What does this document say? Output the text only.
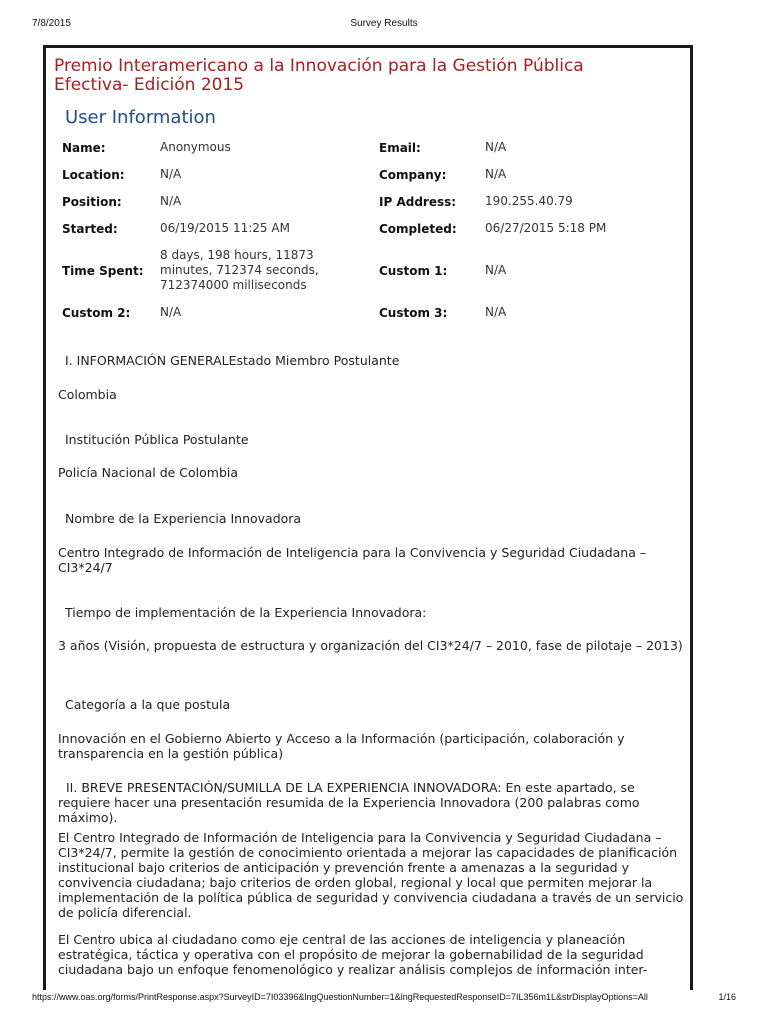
7/8/2015	Survey Results
Premio Interamericano a la Innovación para la Gestión Pública Efectiva- Edición 2015
User Information
Name:	Anonymous	Email:	N/A
Location:	N/A	Company:	N/A
Position:	N/A	IP Address:	190.255.40.79
Started:	06/19/2015 11:25 AM	Completed:	06/27/2015 5:18 PM
Time Spent:	8 days, 198 hours, 11873 minutes, 712374 seconds, 712374000 milliseconds	Custom 1:	N/A
Custom 2:	N/A	Custom 3:	N/A
I. INFORMACIÓN GENERALEstado Miembro Postulante
Colombia
Institución Pública Postulante
Policía Nacional de Colombia
Nombre de la Experiencia Innovadora
Centro Integrado de Información de Inteligencia para la Convivencia y Seguridad Ciudadana – CI3*24/7
Tiempo de implementación de la Experiencia Innovadora:
3 años (Visión, propuesta de estructura y organización del CI3*24/7 – 2010, fase de pilotaje – 2013)
Categoría a la que postula
Innovación en el Gobierno Abierto y Acceso a la Información (participación, colaboración y transparencia en la gestión pública)
II. BREVE PRESENTACIÓN/SUMILLA DE LA EXPERIENCIA INNOVADORA: En este apartado, se requiere hacer una presentación resumida de la Experiencia Innovadora (200 palabras como máximo).
El Centro Integrado de Información de Inteligencia para la Convivencia y Seguridad Ciudadana – CI3*24/7, permite la gestión de conocimiento orientada a mejorar las capacidades de planificación institucional bajo criterios de anticipación y prevención frente a amenazas a la seguridad y convivencia ciudadana; bajo criterios de orden global, regional y local que permiten mejorar la implementación de la política pública de seguridad y convivencia ciudadana a través de un servicio de policía diferencial.
El Centro ubica al ciudadano como eje central de las acciones de inteligencia y planeación estratégica, táctica y operativa con el propósito de mejorar la gobernabilidad de la seguridad ciudadana bajo un enfoque fenomenológico y realizar análisis complejos de información inter-
https://www.oas.org/forms/PrintResponse.aspx?SurveyID=7I03396&lngQuestionNumber=1&lngRequestedResponseID=7IL356m1L&strDisplayOptions=All	1/16
